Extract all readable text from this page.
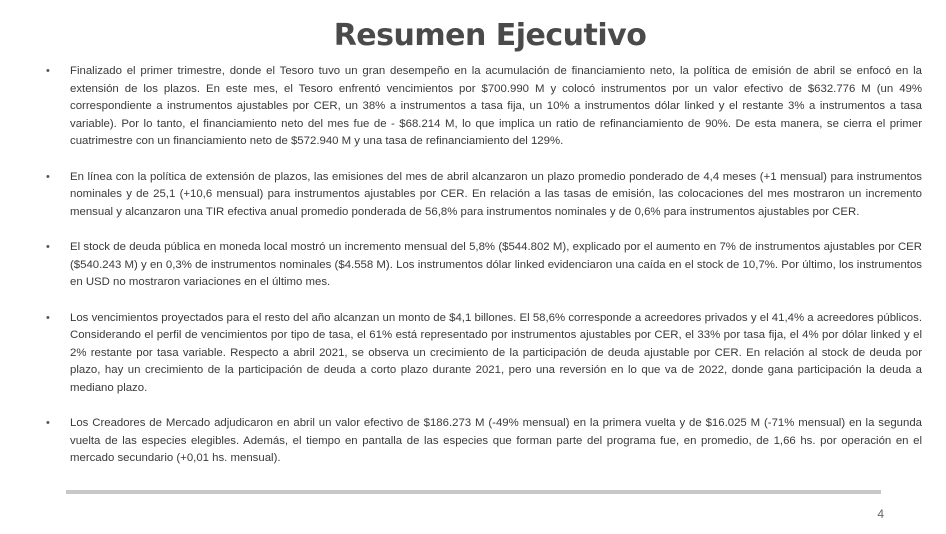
Resumen Ejecutivo
• Finalizado el primer trimestre, donde el Tesoro tuvo un gran desempeño en la acumulación de financiamiento neto, la política de emisión de abril se enfocó en la extensión de los plazos. En este mes, el Tesoro enfrentó vencimientos por $700.990 M y colocó instrumentos por un valor efectivo de $632.776 M (un 49% correspondiente a instrumentos ajustables por CER, un 38% a instrumentos a tasa fija, un 10% a instrumentos dólar linked y el restante 3% a instrumentos a tasa variable). Por lo tanto, el financiamiento neto del mes fue de - $68.214 M, lo que implica un ratio de refinanciamiento de 90%. De esta manera, se cierra el primer cuatrimestre con un financiamiento neto de $572.940 M y una tasa de refinanciamiento del 129%.
• En línea con la política de extensión de plazos, las emisiones del mes de abril alcanzaron un plazo promedio ponderado de 4,4 meses (+1 mensual) para instrumentos nominales y de 25,1 (+10,6 mensual) para instrumentos ajustables por CER. En relación a las tasas de emisión, las colocaciones del mes mostraron un incremento mensual y alcanzaron una TIR efectiva anual promedio ponderada de 56,8% para instrumentos nominales y de 0,6% para instrumentos ajustables por CER.
• El stock de deuda pública en moneda local mostró un incremento mensual del 5,8% ($544.802 M), explicado por el aumento en 7% de instrumentos ajustables por CER ($540.243 M) y en 0,3% de instrumentos nominales ($4.558 M). Los instrumentos dólar linked evidenciaron una caída en el stock de 10,7%. Por último, los instrumentos en USD no mostraron variaciones en el último mes.
• Los vencimientos proyectados para el resto del año alcanzan un monto de $4,1 billones. El 58,6% corresponde a acreedores privados y el 41,4% a acreedores públicos. Considerando el perfil de vencimientos por tipo de tasa, el 61% está representado por instrumentos ajustables por CER, el 33% por tasa fija, el 4% por dólar linked y el 2% restante por tasa variable. Respecto a abril 2021, se observa un crecimiento de la participación de deuda ajustable por CER. En relación al stock de deuda por plazo, hay un crecimiento de la participación de deuda a corto plazo durante 2021, pero una reversión en lo que va de 2022, donde gana participación la deuda a mediano plazo.
• Los Creadores de Mercado adjudicaron en abril un valor efectivo de $186.273 M (-49% mensual) en la primera vuelta y de $16.025 M (-71% mensual) en la segunda vuelta de las especies elegibles. Además, el tiempo en pantalla de las especies que forman parte del programa fue, en promedio, de 1,66 hs. por operación en el mercado secundario (+0,01 hs. mensual).
4
